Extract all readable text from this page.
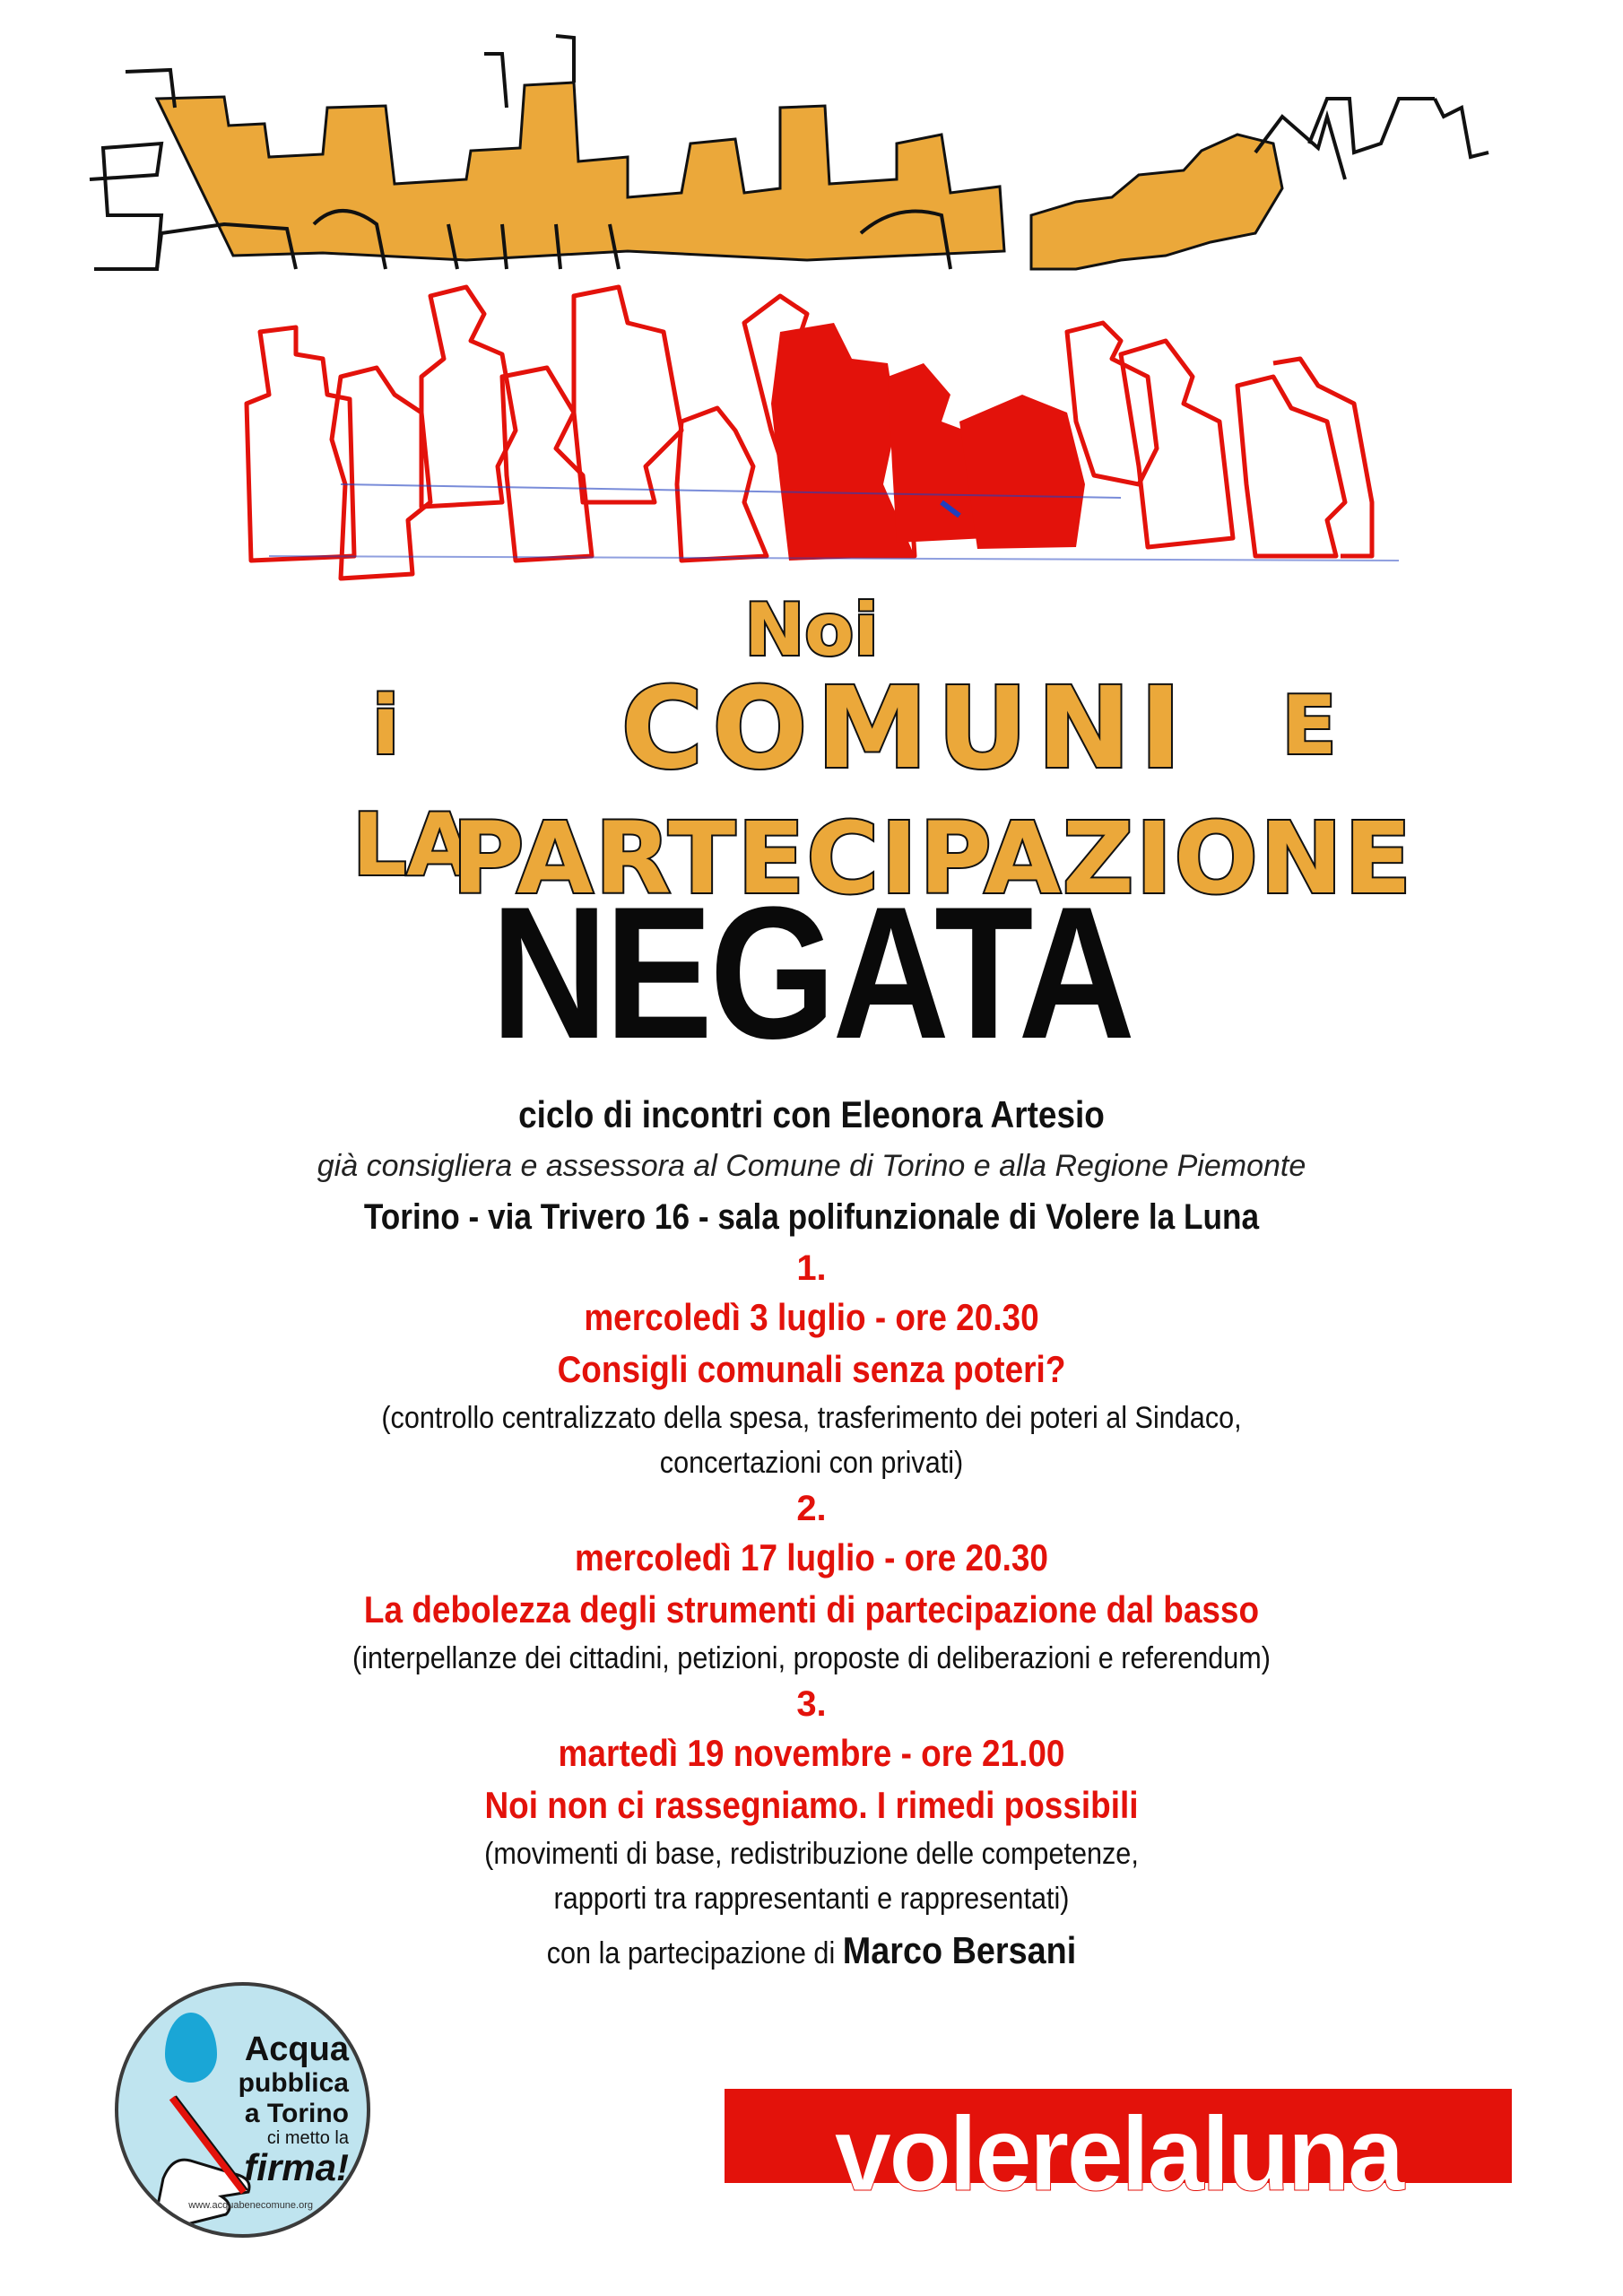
Noi
i COMUNI E
LA
PARTECIPAZIONE
NEGATA
ciclo di incontri con Eleonora Artesio
già consigliera e assessora al Comune di Torino e alla Regione Piemonte
Torino - via Trivero 16 - sala polifunzionale di Volere la Luna
1.
mercoledì 3 luglio - ore 20.30
Consigli comunali senza poteri?
(controllo centralizzato della spesa, trasferimento dei poteri al Sindaco,
concertazioni con privati)
2.
mercoledì 17 luglio - ore 20.30
La debolezza degli strumenti di partecipazione dal basso
(interpellanze dei cittadini, petizioni, proposte di deliberazioni e referendum)
3.
martedì 19 novembre - ore 21.00
Noi non ci rassegniamo. I rimedi possibili
(movimenti di base, redistribuzione delle competenze,
rapporti tra rappresentanti e rappresentati)
con la partecipazione di Marco Bersani
Acqua
pubblica
a Torino
ci metto la
firma!
www.acquabenecomune.org	volerelaluna
